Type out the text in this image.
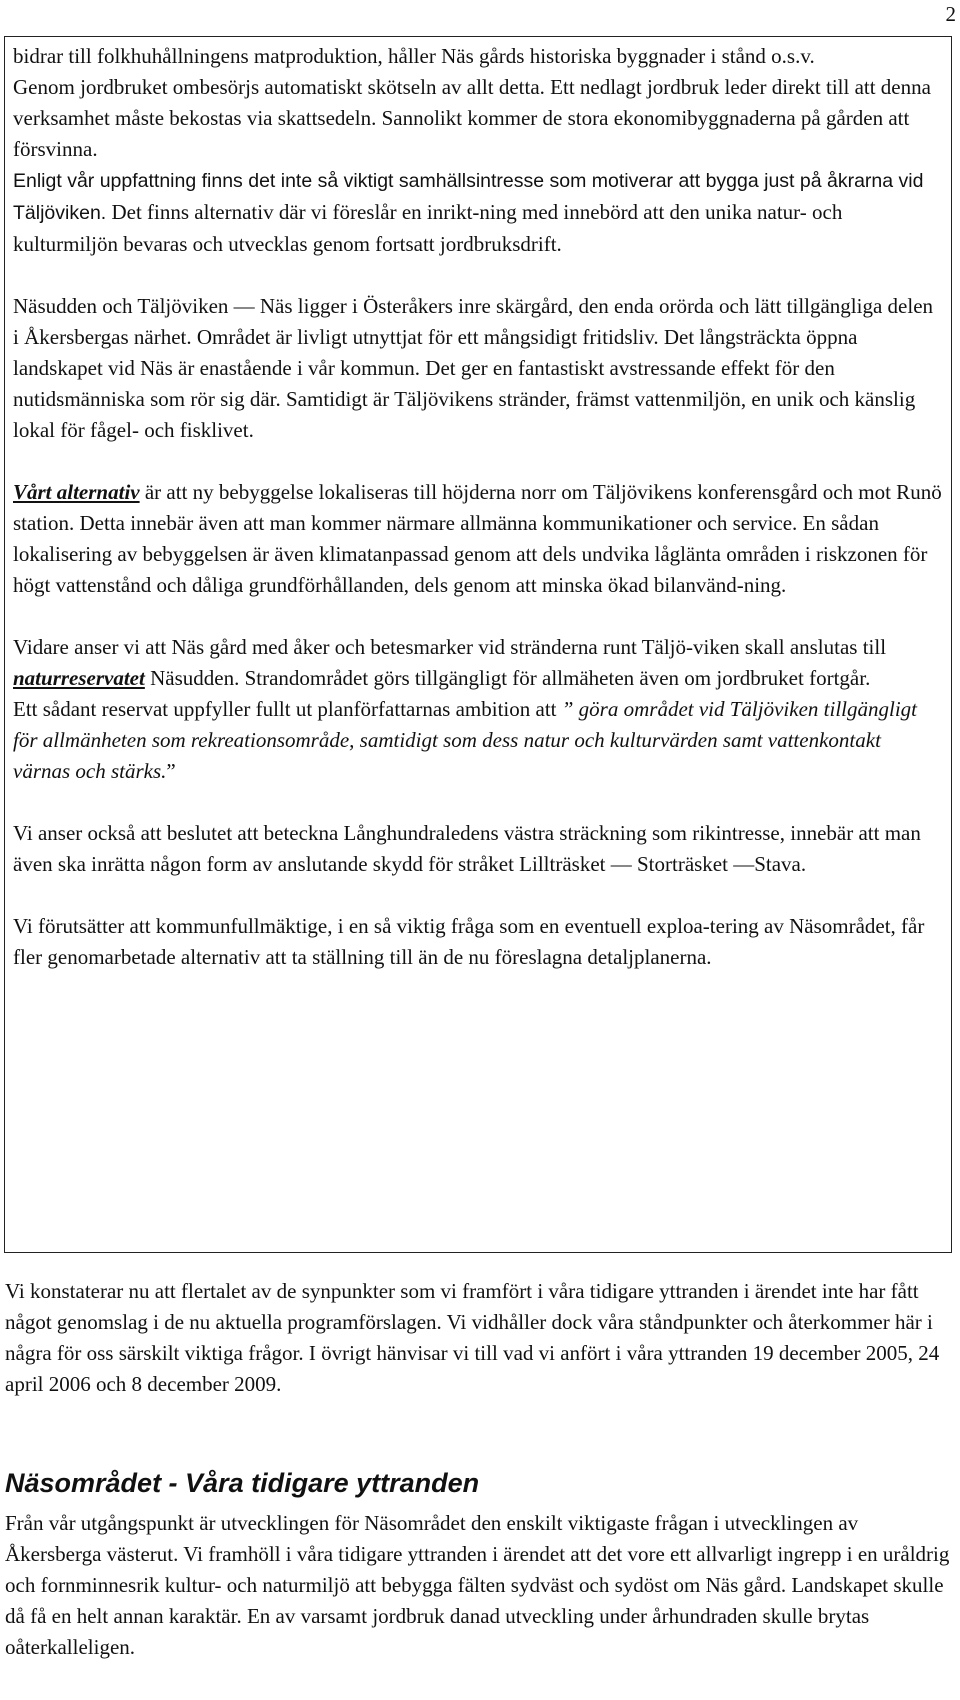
2

bidrar till folkhuhållningens matproduktion, håller Näs gårds historiska byggnader i stånd o.s.v.

Genom jordbruket ombesörjs automatiskt skötseln av allt detta. Ett nedlagt jordbruk leder direkt till att denna verksamhet måste bekostas via skattsedeln. Sannolikt kommer de stora ekonomibyggnaderna på gården att försvinna.

Enligt vår uppfattning finns det inte så viktigt samhällsintresse som motiverar att bygga just på åkrarna vid Täljöviken. Det finns alternativ där vi föreslår en inrikt-ning med innebörd att den unika natur- och kulturmiljön bevaras och utvecklas genom fortsatt jordbruksdrift.

Näsudden och Täljöviken — Näs ligger i Österåkers inre skärgård, den enda orörda och lätt tillgängliga delen i Åkersbergas närhet. Området är livligt utnyttjat för ett mångsidigt fritidsliv. Det långsträckta öppna landskapet vid Näs är enastående i vår kommun. Det ger en fantastiskt avstressande effekt för den nutidsmänniska som rör sig där. Samtidigt är Täljövikens stränder, främst vattenmiljön, en unik och känslig lokal för fågel- och fisklivet.

Vårt alternativ är att ny bebyggelse lokaliseras till höjderna norr om Täljövikens konferensgård och mot Runö station. Detta innebär även att man kommer närmare allmänna kommunikationer och service. En sådan lokalisering av bebyggelsen är även klimatanpassad genom att dels undvika låglänta områden i riskzonen för högt vattenstånd och dåliga grundförhållanden, dels genom att minska ökad bilanvänd-ning.

Vidare anser vi att Näs gård med åker och betesmarker vid stränderna runt Täljö-viken skall anslutas till naturreservatet Näsudden. Strandområdet görs tillgängligt för allmäheten även om jordbruket fortgår.

Ett sådant reservat uppfyller fullt ut planförfattarnas ambition att ” göra området vid Täljöviken tillgängligt för allmänheten som rekreationsområde, samtidigt som dess natur och kulturvärden samt vattenkontakt värnas och stärks.”

Vi anser också att beslutet att beteckna Långhundraledens västra sträckning som rikintresse, innebär att man även ska inrätta någon form av anslutande skydd för stråket Lillträsket — Storträsket —Stava.

Vi förutsätter att kommunfullmäktige, i en så viktig fråga som en eventuell exploa-tering av Näsområdet, får fler genomarbetade alternativ att ta ställning till än de nu föreslagna detaljplanerna.

Vi konstaterar nu att flertalet av de synpunkter som vi framfört i våra tidigare yttranden i ärendet inte har fått något genomslag i de nu aktuella programförslagen. Vi vidhåller dock våra ståndpunkter och återkommer här i några för oss särskilt viktiga frågor. I övrigt hänvisar vi till vad vi anfört i våra yttranden 19 december 2005, 24 april 2006 och 8 december 2009.

Näsområdet - Våra tidigare yttranden

Från vår utgångspunkt är utvecklingen för Näsområdet den enskilt viktigaste frågan i utvecklingen av Åkersberga västerut. Vi framhöll i våra tidigare yttranden i ärendet att det vore ett allvarligt ingrepp i en uråldrig och fornminnesrik kultur- och naturmiljö att bebygga fälten sydväst och sydöst om Näs gård. Landskapet skulle då få en helt annan karaktär. En av varsamt jordbruk danad utveckling under århundraden skulle brytas oåterkalleligen.
